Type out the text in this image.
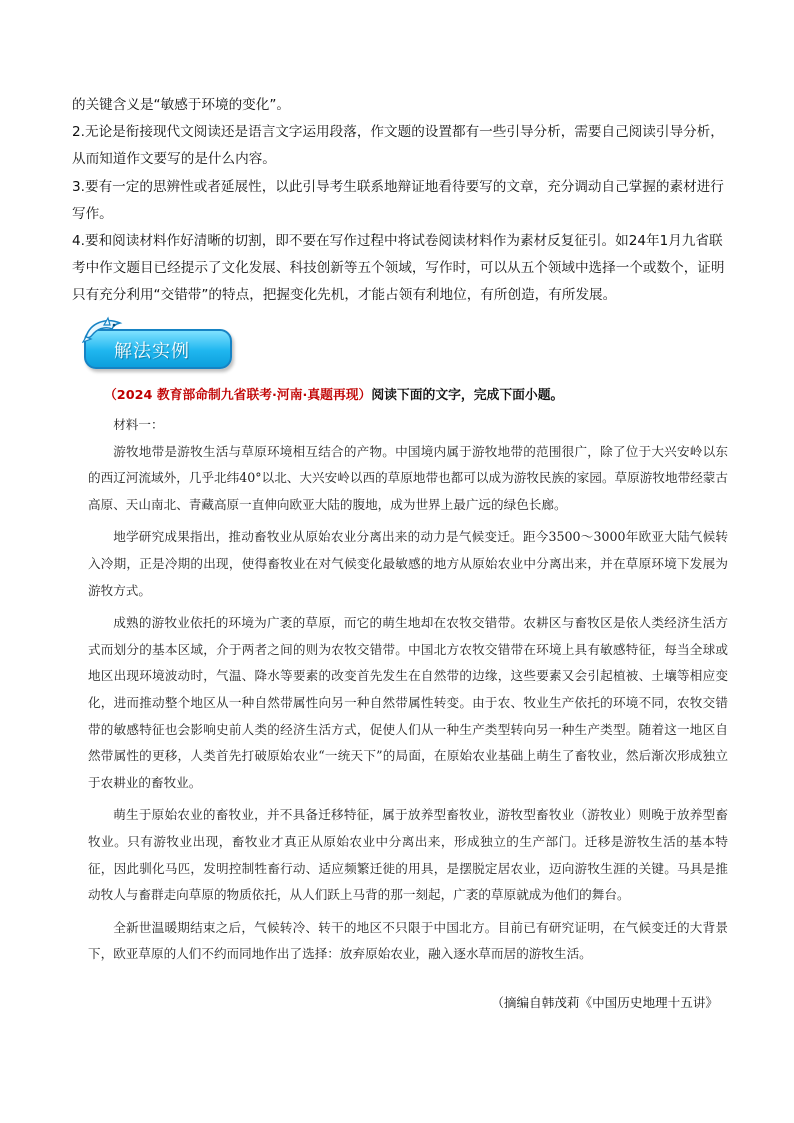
的关键含义是“敏感于环境的变化”。

2.无论是衔接现代文阅读还是语言文字运用段落，作文题的设置都有一些引导分析，需要自己阅读引导分析，从而知道作文要写的是什么内容。

3.要有一定的思辨性或者延展性，以此引导考生联系地辩证地看待要写的文章，充分调动自己掌握的素材进行写作。

4.要和阅读材料作好清晰的切割，即不要在写作过程中将试卷阅读材料作为素材反复征引。如24年1月九省联考中作文题目已经提示了文化发展、科技创新等五个领域，写作时，可以从五个领域中选择一个或数个，证明只有充分利用“交错带”的特点，把握变化先机，才能占领有利地位，有所创造，有所发展。

解法实例
（2024 教育部命制九省联考·河南·真题再现）阅读下面的文字，完成下面小题。

　　材料一：

游牧地带是游牧生活与草原环境相互结合的产物。中国境内属于游牧地带的范围很广，除了位于大兴安岭以东的西辽河流域外，几乎北纬40°以北、大兴安岭以西的草原地带也都可以成为游牧民族的家园。草原游牧地带经蒙古高原、天山南北、青藏高原一直伸向欧亚大陆的腹地，成为世界上最广远的绿色长廊。

地学研究成果指出，推动畜牧业从原始农业分离出来的动力是气候变迁。距今3500～3000年欧亚大陆气候转入冷期，正是冷期的出现，使得畜牧业在对气候变化最敏感的地方从原始农业中分离出来，并在草原环境下发展为游牧方式。

成熟的游牧业依托的环境为广袤的草原，而它的萌生地却在农牧交错带。农耕区与畜牧区是依人类经济生活方式而划分的基本区域，介于两者之间的则为农牧交错带。中国北方农牧交错带在环境上具有敏感特征，每当全球或地区出现环境波动时，气温、降水等要素的改变首先发生在自然带的边缘，这些要素又会引起植被、土壤等相应变化，进而推动整个地区从一种自然带属性向另一种自然带属性转变。由于农、牧业生产依托的环境不同，农牧交错带的敏感特征也会影响史前人类的经济生活方式，促使人们从一种生产类型转向另一种生产类型。随着这一地区自然带属性的更移，人类首先打破原始农业“一统天下”的局面，在原始农业基础上萌生了畜牧业，然后渐次形成独立于农耕业的畜牧业。

萌生于原始农业的畜牧业，并不具备迁移特征，属于放养型畜牧业，游牧型畜牧业（游牧业）则晚于放养型畜牧业。只有游牧业出现，畜牧业才真正从原始农业中分离出来，形成独立的生产部门。迁移是游牧生活的基本特征，因此驯化马匹，发明控制牲畜行动、适应频繁迁徙的用具，是摆脱定居农业，迈向游牧生涯的关键。马具是推动牧人与畜群走向草原的物质依托，从人们跃上马背的那一刻起，广袤的草原就成为他们的舞台。

全新世温暖期结束之后，气候转冷、转干的地区不只限于中国北方。目前已有研究证明，在气候变迁的大背景下，欧亚草原的人们不约而同地作出了选择：放弃原始农业，融入逐水草而居的游牧生活。

（摘编自韩茂莉《中国历史地理十五讲》
